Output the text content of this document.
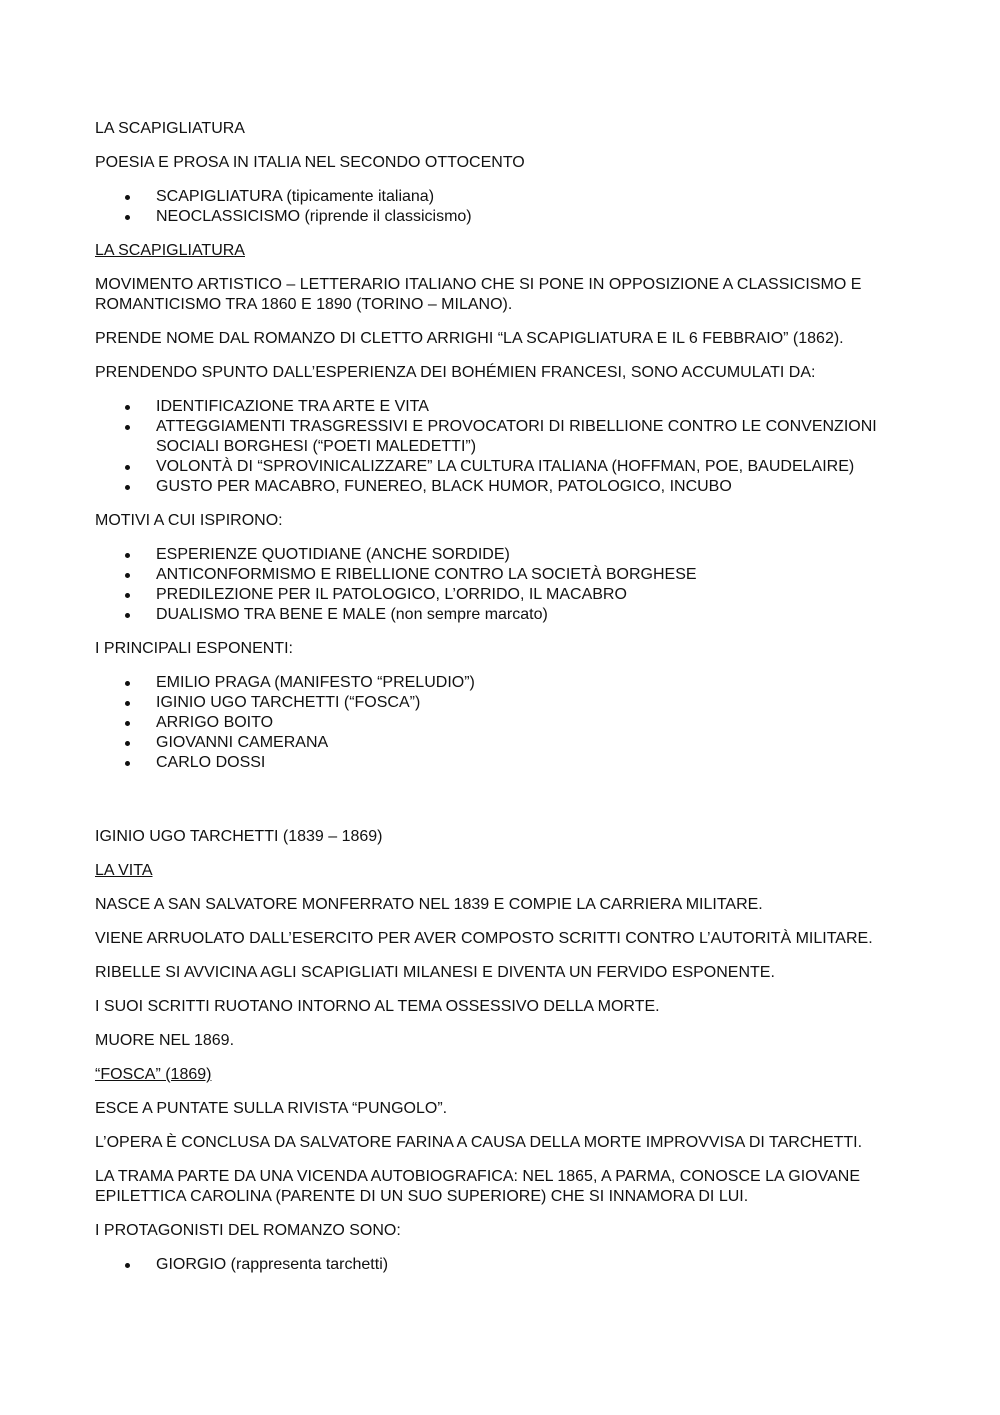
LA SCAPIGLIATURA

POESIA E PROSA IN ITALIA NEL SECONDO OTTOCENTO

SCAPIGLIATURA (tipicamente italiana)
NEOCLASSICISMO (riprende il classicismo)

LA SCAPIGLIATURA

MOVIMENTO ARTISTICO – LETTERARIO ITALIANO CHE SI PONE IN OPPOSIZIONE A CLASSICISMO E ROMANTICISMO TRA 1860 E 1890 (TORINO – MILANO).

PRENDE NOME DAL ROMANZO DI CLETTO ARRIGHI “LA SCAPIGLIATURA E IL 6 FEBBRAIO” (1862).

PRENDENDO SPUNTO DALL’ESPERIENZA DEI BOHÉMIEN FRANCESI, SONO ACCUMULATI DA:

IDENTIFICAZIONE TRA ARTE E VITA
ATTEGGIAMENTI TRASGRESSIVI E PROVOCATORI DI RIBELLIONE CONTRO LE CONVENZIONI SOCIALI BORGHESI (“POETI MALEDETTI”)
VOLONTÀ DI “SPROVINICALIZZARE” LA CULTURA ITALIANA (HOFFMAN, POE, BAUDELAIRE)
GUSTO PER MACABRO, FUNEREO, BLACK HUMOR, PATOLOGICO, INCUBO

MOTIVI A CUI ISPIRONO:

ESPERIENZE QUOTIDIANE (ANCHE SORDIDE)
ANTICONFORMISMO E RIBELLIONE CONTRO LA SOCIETÀ BORGHESE
PREDILEZIONE PER IL PATOLOGICO, L’ORRIDO, IL MACABRO
DUALISMO TRA BENE E MALE (non sempre marcato)

I PRINCIPALI ESPONENTI:

EMILIO PRAGA (MANIFESTO “PRELUDIO”)
IGINIO UGO TARCHETTI (“FOSCA”)
ARRIGO BOITO
GIOVANNI CAMERANA
CARLO DOSSI

IGINIO UGO TARCHETTI (1839 – 1869)

LA VITA

NASCE A SAN SALVATORE MONFERRATO NEL 1839 E COMPIE LA CARRIERA MILITARE.

VIENE ARRUOLATO DALL’ESERCITO PER AVER COMPOSTO SCRITTI CONTRO L’AUTORITÀ MILITARE.

RIBELLE SI AVVICINA AGLI SCAPIGLIATI MILANESI E DIVENTA UN FERVIDO ESPONENTE.

I SUOI SCRITTI RUOTANO INTORNO AL TEMA OSSESSIVO DELLA MORTE.

MUORE NEL 1869.

“FOSCA” (1869)

ESCE A PUNTATE SULLA RIVISTA “PUNGOLO”.

L’OPERA È CONCLUSA DA SALVATORE FARINA A CAUSA DELLA MORTE IMPROVVISA DI TARCHETTI.

LA TRAMA PARTE DA UNA VICENDA AUTOBIOGRAFICA: NEL 1865, A PARMA, CONOSCE LA GIOVANE EPILETTICA CAROLINA (PARENTE DI UN SUO SUPERIORE) CHE SI INNAMORA DI LUI.

I PROTAGONISTI DEL ROMANZO SONO:

GIORGIO (rappresenta tarchetti)
